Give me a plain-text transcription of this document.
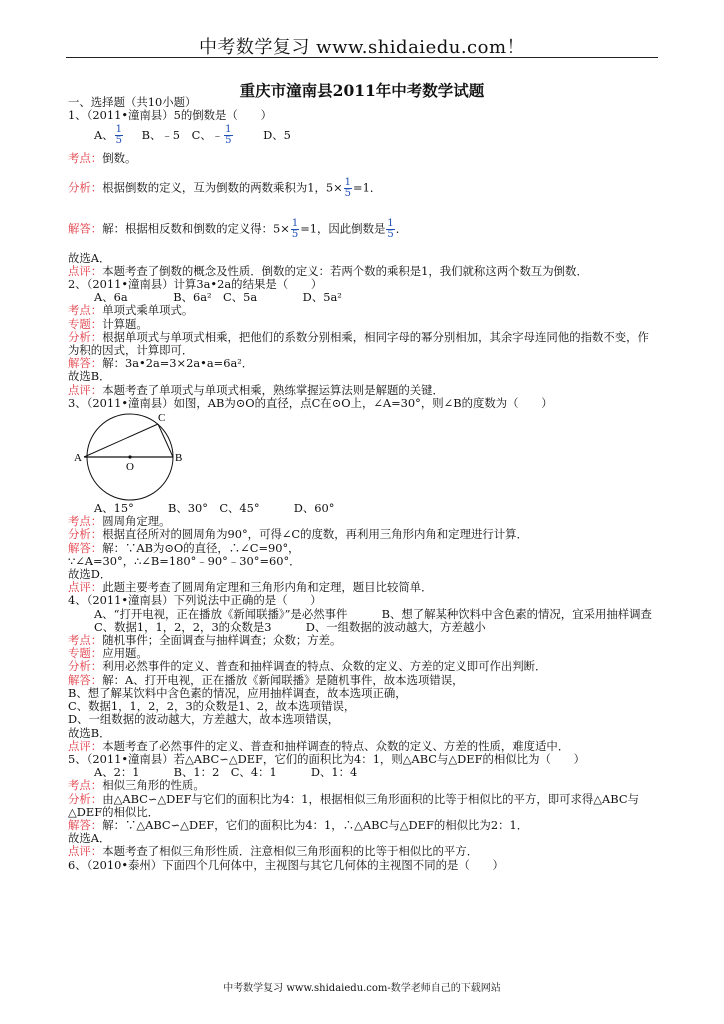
中考数学复习 www.shidaiedu.com！
重庆市潼南县2011年中考数学试题
一、选择题（共10小题）
1、（2011•潼南县）5的倒数是（　　）
A、 $\frac{1}{5}$ B、﹣5 C、﹣ $\frac{1}{5}$	D、5
考点：倒数。
分析：根据倒数的定义，互为倒数的两数乘积为1，$5\times \frac{1}{5} =1$．
解答：解：根据相反数和倒数的定义得：$5\times \frac{1}{5} =1$，因此倒数是 $\frac{1}{5}$ ．
故选A．
点评：本题考查了倒数的概念及性质．倒数的定义：若两个数的乘积是1，我们就称这两个数互为倒数．
2、（2011•潼南县）计算3a•2a的结果是（　　）
A、6a　　　　B、6a²　C、5a　　　　D、5a²
考点：单项式乘单项式。
专题：计算题。
分析：根据单项式与单项式相乘，把他们的系数分别相乘，相同字母的幂分别相加，其余字母连同他的指数不变，作为积的因式，计算即可．
解答：解：3a•2a=3×2a•a=6a²．
故选B．
点评：本题考查了单项式与单项式相乘，熟练掌握运算法则是解题的关键．
3、（2011•潼南县）如图，AB为⊙O的直径，点C在⊙O上，∠A=30°，则∠B的度数为（　　）
A	B
C
O
A、15°　　　B、30°　C、45°　　　D、60°
考点：圆周角定理。
分析：根据直径所对的圆周角为90°，可得∠C的度数，再利用三角形内角和定理进行计算．
解答：解：∵AB为⊙O的直径，∴∠C=90°，
∵∠A=30°，∴∠B=180°﹣90°﹣30°=60°．
故选D．
点评：此题主要考查了圆周角定理和三角形内角和定理，题目比较简单．
4、（2011•潼南县）下列说法中正确的是（　　）
A、“打开电视，正在播放《新闻联播》”是必然事件　　　	B、想了解某种饮料中含色素的情况，宜采用抽样调查
C、数据1，1，2，2，3的众数是3　　　	D、一组数据的波动越大，方差越小
考点：随机事件；全面调查与抽样调查；众数；方差。
专题：应用题。
分析：利用必然事件的定义、普查和抽样调查的特点、众数的定义、方差的定义即可作出判断．
解答：解：A、打开电视，正在播放《新闻联播》是随机事件，故本选项错误，
B、想了解某饮料中含色素的情况，应用抽样调查，故本选项正确，
C、数据1，1，2，2，3的众数是1、2，故本选项错误，
D、一组数据的波动越大，方差越大，故本选项错误，
故选B．
点评：本题考查了必然事件的定义、普查和抽样调查的特点、众数的定义、方差的性质，难度适中．
5、（2011•潼南县）若△ABC∽△DEF，它们的面积比为4：1，则△ABC与△DEF的相似比为（　　）
A、2：1　　　B、1：2　C、4：1　　　D、1：4
考点：相似三角形的性质。
分析：由△ABC∽△DEF与它们的面积比为4：1，根据相似三角形面积的比等于相似比的平方，即可求得△ABC与△DEF的相似比．
解答：解：∵△ABC∽△DEF，它们的面积比为4：1，∴△ABC与△DEF的相似比为2：1．
故选A．
点评：本题考查了相似三角形性质．注意相似三角形面积的比等于相似比的平方．
6、（2010•泰州）下面四个几何体中，主视图与其它几何体的主视图不同的是（　　）
中考数学复习 www.shidaiedu.com-数学老师自己的下载网站
